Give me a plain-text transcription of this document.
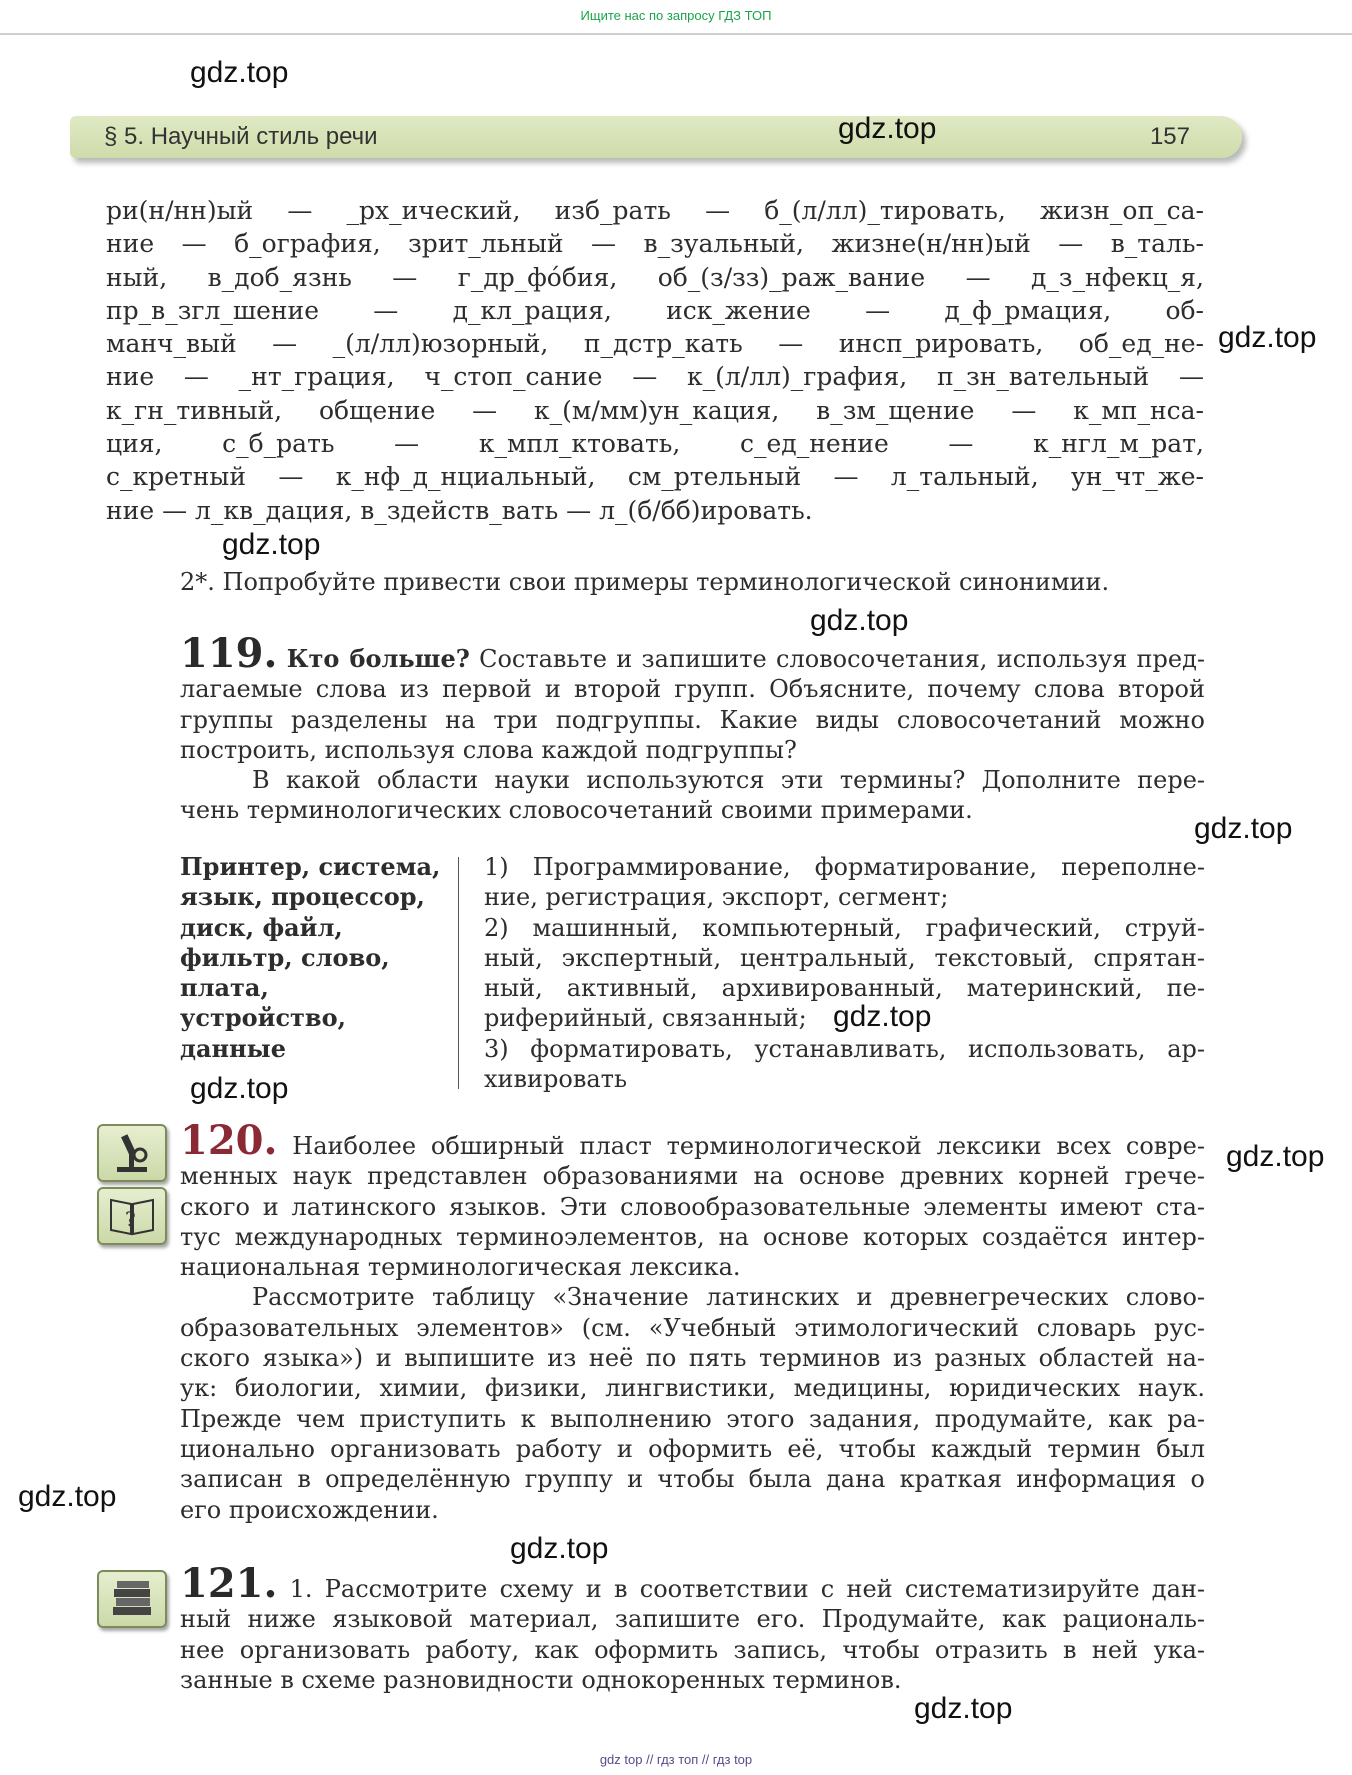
Ищите нас по запросу ГДЗ ТОП
§ 5. Научный стиль речи	157
ри(н/нн)ый — _рх_ический, изб_рать — б_(л/лл)_тировать, жизн_оп_са-
ние — б_ография, зрит_льный — в_зуальный, жизне(н/нн)ый — в_таль-
ный, в_доб_язнь — г_др_фóбия, об_(з/зз)_раж_вание — д_з_нфекц_я,
пр_в_згл_шение — д_кл_рация, иск_жение — д_ф_рмация, об-
манч_вый — _(л/лл)юзорный, п_дстр_кать — инсп_рировать, об_ед_не-
ние — _нт_грация, ч_стоп_сание — к_(л/лл)_графия, п_зн_вательный —
к_гн_тивный, общение — к_(м/мм)ун_кация, в_зм_щение — к_мп_нса-
ция, с_б_рать — к_мпл_ктовать, с_ед_нение — к_нгл_м_рат,
с_кретный — к_нф_д_нциальный, см_ртельный — л_тальный, ун_чт_же-
ние — л_кв_дация, в_здейств_вать — л_(б/бб)ировать.
2*. Попробуйте привести свои примеры терминологической синонимии.
119. Кто больше? Составьте и запишите словосочетания, используя пред-
лагаемые слова из первой и второй групп. Объясните, почему слова второй
группы разделены на три подгруппы. Какие виды словосочетаний можно
построить, используя слова каждой подгруппы?
В какой области науки используются эти термины? Дополните пере-
чень терминологических словосочетаний своими примерами.
Принтер, система,
язык, процессор,
диск, файл,
фильтр, слово,
плата, устройство,
данные
1) Программирование, форматирование, переполне-
ние, регистрация, экспорт, сегмент;
2) машинный, компьютерный, графический, струй-
ный, экспертный, центральный, текстовый, спрятан-
ный, активный, архивированный, материнский, пе-
риферийный, связанный;
3) форматировать, устанавливать, использовать, ар-
хивировать
?
120. Наиболее обширный пласт терминологической лексики всех совре-
менных наук представлен образованиями на основе древних корней грече-
ского и латинского языков. Эти словообразовательные элементы имеют ста-
тус международных терминоэлементов, на основе которых создаётся интер-
национальная терминологическая лексика.
Рассмотрите таблицу «Значение латинских и древнегреческих слово-
образовательных элементов» (см. «Учебный этимологический словарь рус-
ского языка») и выпишите из неё по пять терминов из разных областей на-
ук: биологии, химии, физики, лингвистики, медицины, юридических наук.
Прежде чем приступить к выполнению этого задания, продумайте, как ра-
ционально организовать работу и оформить её, чтобы каждый термин был
записан в определённую группу и чтобы была дана краткая информация о
его происхождении.
121. 1. Рассмотрите схему и в соответствии с ней систематизируйте дан-
ный ниже языковой материал, запишите его. Продумайте, как рациональ-
нее организовать работу, как оформить запись, чтобы отразить в ней ука-
занные в схеме разновидности однокоренных терминов.
gdz.top
gdz.top
gdz.top
gdz.top
gdz.top
gdz.top
gdz.top
gdz.top
gdz.top
gdz.top
gdz.top
gdz.top
gdz top // гдз топ // гдз top
